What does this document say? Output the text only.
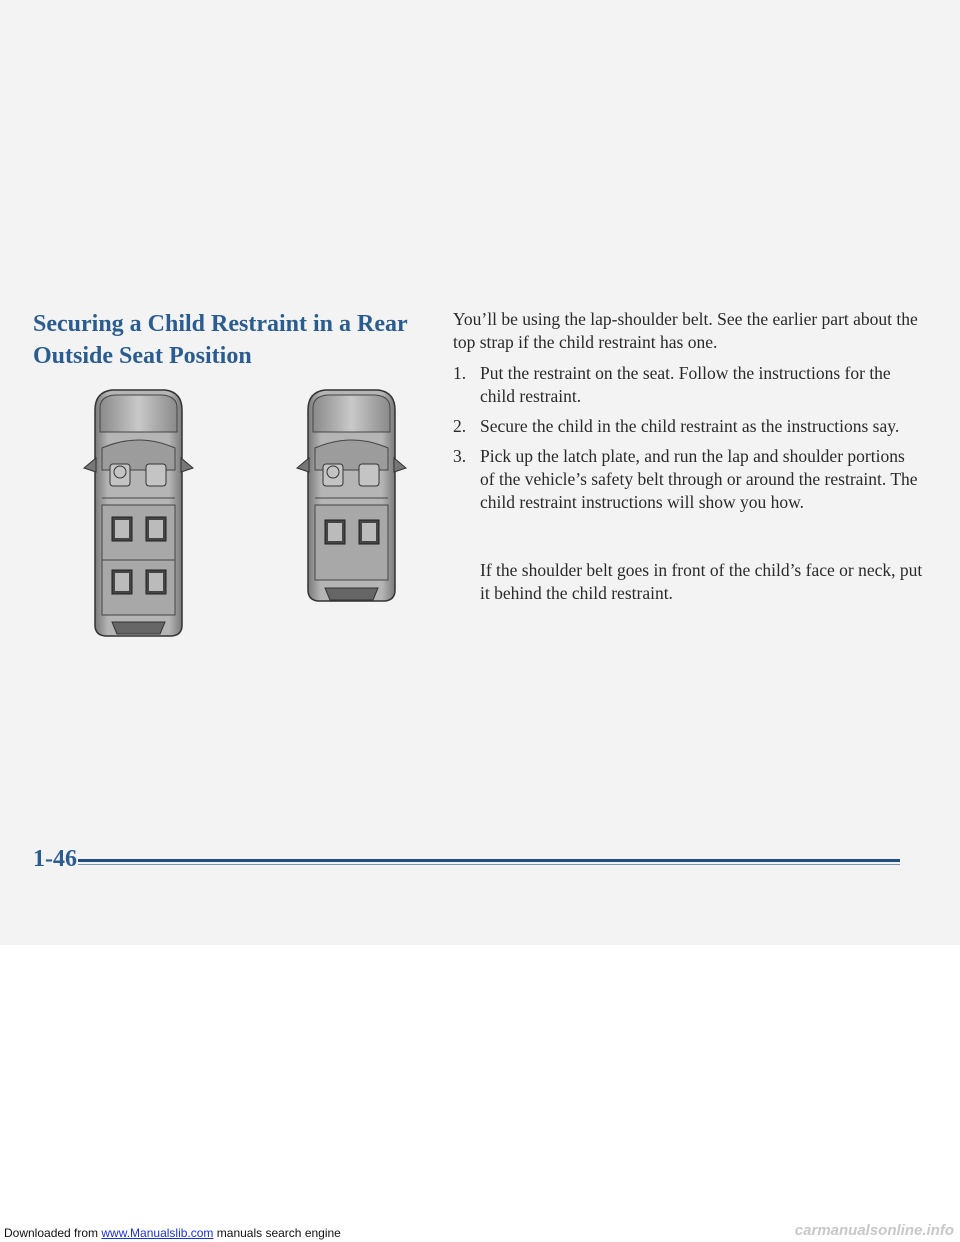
Securing a Child Restraint in a Rear Outside Seat Position

You’ll be using the lap-shoulder belt. See the earlier part about the top strap if the child restraint has one.

1. Put the restraint on the seat. Follow the instructions for the child restraint.
2. Secure the child in the child restraint as the instructions say.
3. Pick up the latch plate, and run the lap and shoulder portions of the vehicle’s safety belt through or around the restraint. The child restraint instructions will show you how.
If the shoulder belt goes in front of the child’s face or neck, put it behind the child restraint.

1-46

Downloaded from www.Manualslib.com manuals search engine	carmanualsonline.info
